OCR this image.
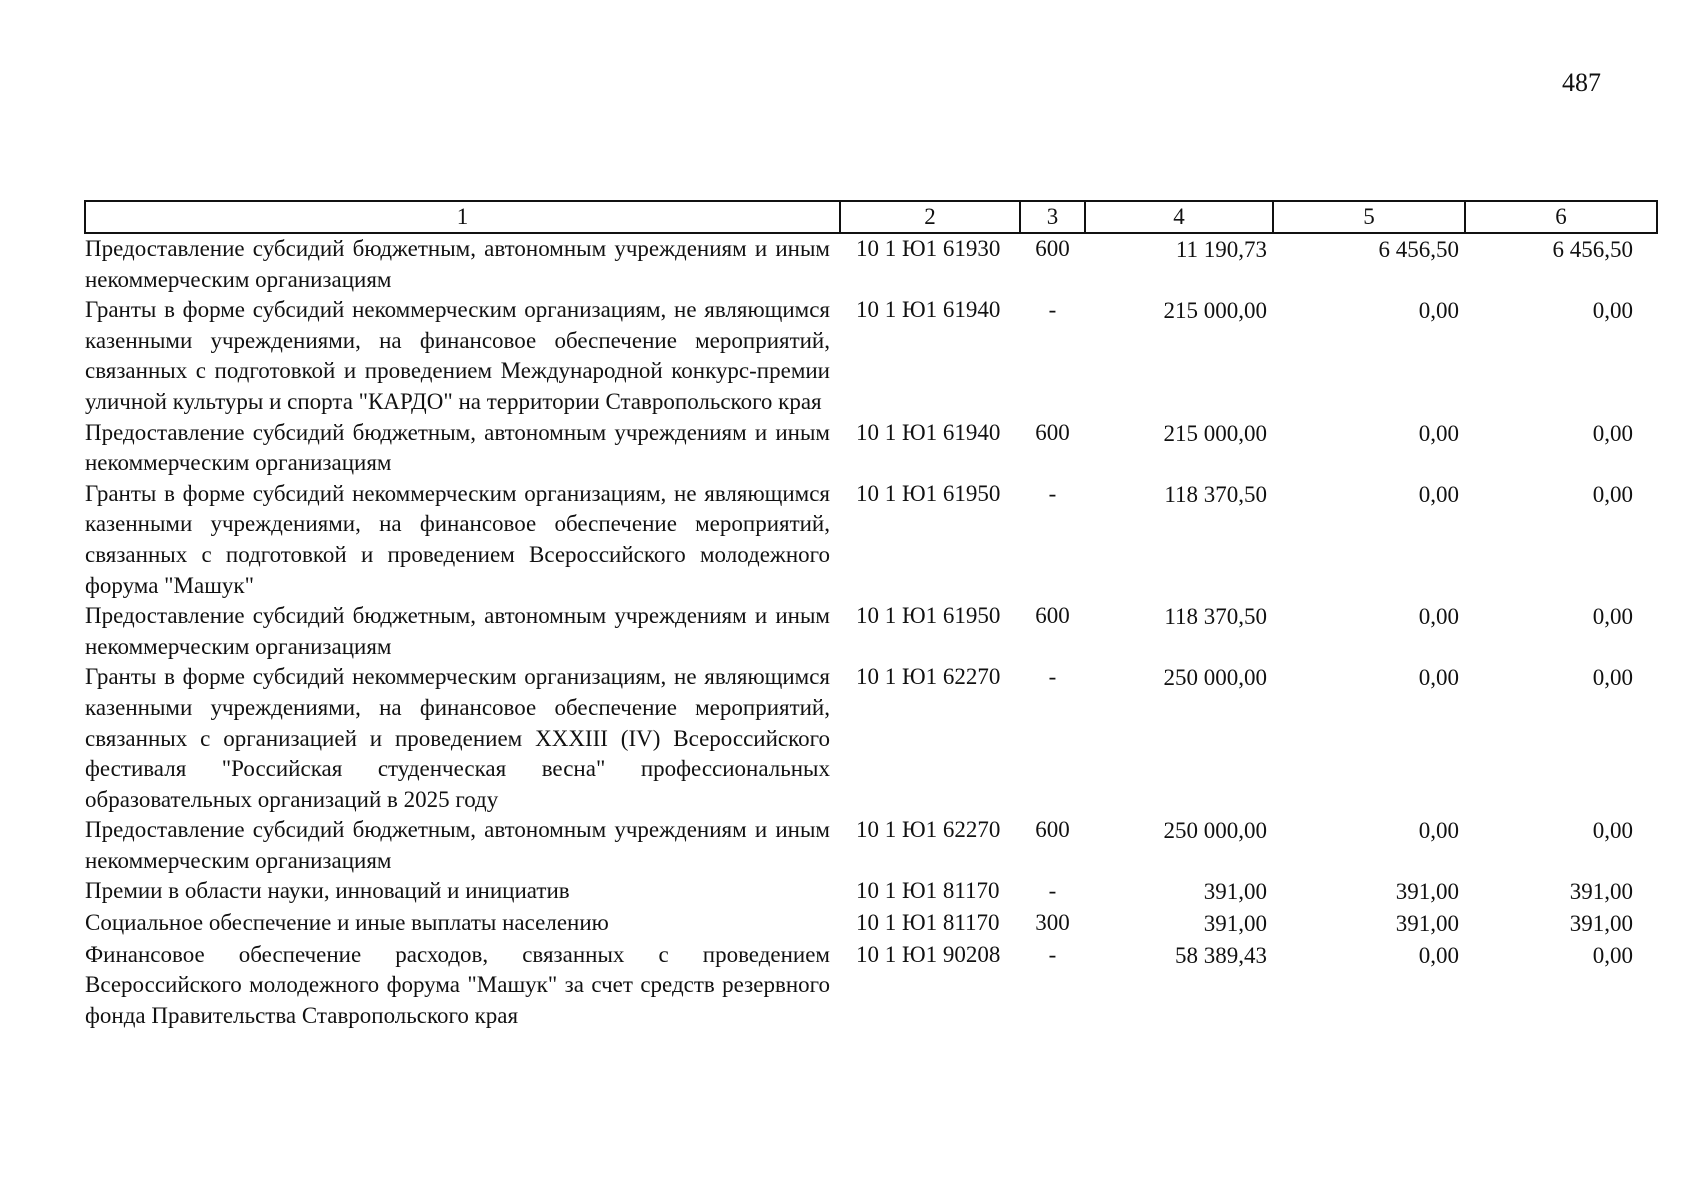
487
1	2	3	4	5	6
Предоставление субсидий бюджетным, автономным учреждениям и иным некоммерческим организациям	10 1 Ю1 61930	600	11 190,73	6 456,50	6 456,50
Гранты в форме субсидий некоммерческим организациям, не являющимся казенными учреждениями, на финансовое обеспечение мероприятий, связанных с подготовкой и проведением Международной конкурс-премии уличной культуры и спорта "КАРДО" на территории Ставропольского края	10 1 Ю1 61940	-	215 000,00	0,00	0,00
Предоставление субсидий бюджетным, автономным учреждениям и иным некоммерческим организациям	10 1 Ю1 61940	600	215 000,00	0,00	0,00
Гранты в форме субсидий некоммерческим организациям, не являющимся казенными учреждениями, на финансовое обеспечение мероприятий, связанных с подготовкой и проведением Всероссийского молодежного форума "Машук"	10 1 Ю1 61950	-	118 370,50	0,00	0,00
Предоставление субсидий бюджетным, автономным учреждениям и иным некоммерческим организациям	10 1 Ю1 61950	600	118 370,50	0,00	0,00
Гранты в форме субсидий некоммерческим организациям, не являющимся казенными учреждениями, на финансовое обеспечение мероприятий, связанных с организацией и проведением XXXIII (IV) Всероссийского фестиваля "Российская студенческая весна" профессиональных образовательных организаций в 2025 году	10 1 Ю1 62270	-	250 000,00	0,00	0,00
Предоставление субсидий бюджетным, автономным учреждениям и иным некоммерческим организациям	10 1 Ю1 62270	600	250 000,00	0,00	0,00
Премии в области науки, инноваций и инициатив	10 1 Ю1 81170	-	391,00	391,00	391,00
Социальное обеспечение и иные выплаты населению	10 1 Ю1 81170	300	391,00	391,00	391,00
Финансовое обеспечение расходов, связанных с проведением Всероссийского молодежного форума "Машук" за счет средств резервного фонда Правительства Ставропольского края	10 1 Ю1 90208	-	58 389,43	0,00	0,00
